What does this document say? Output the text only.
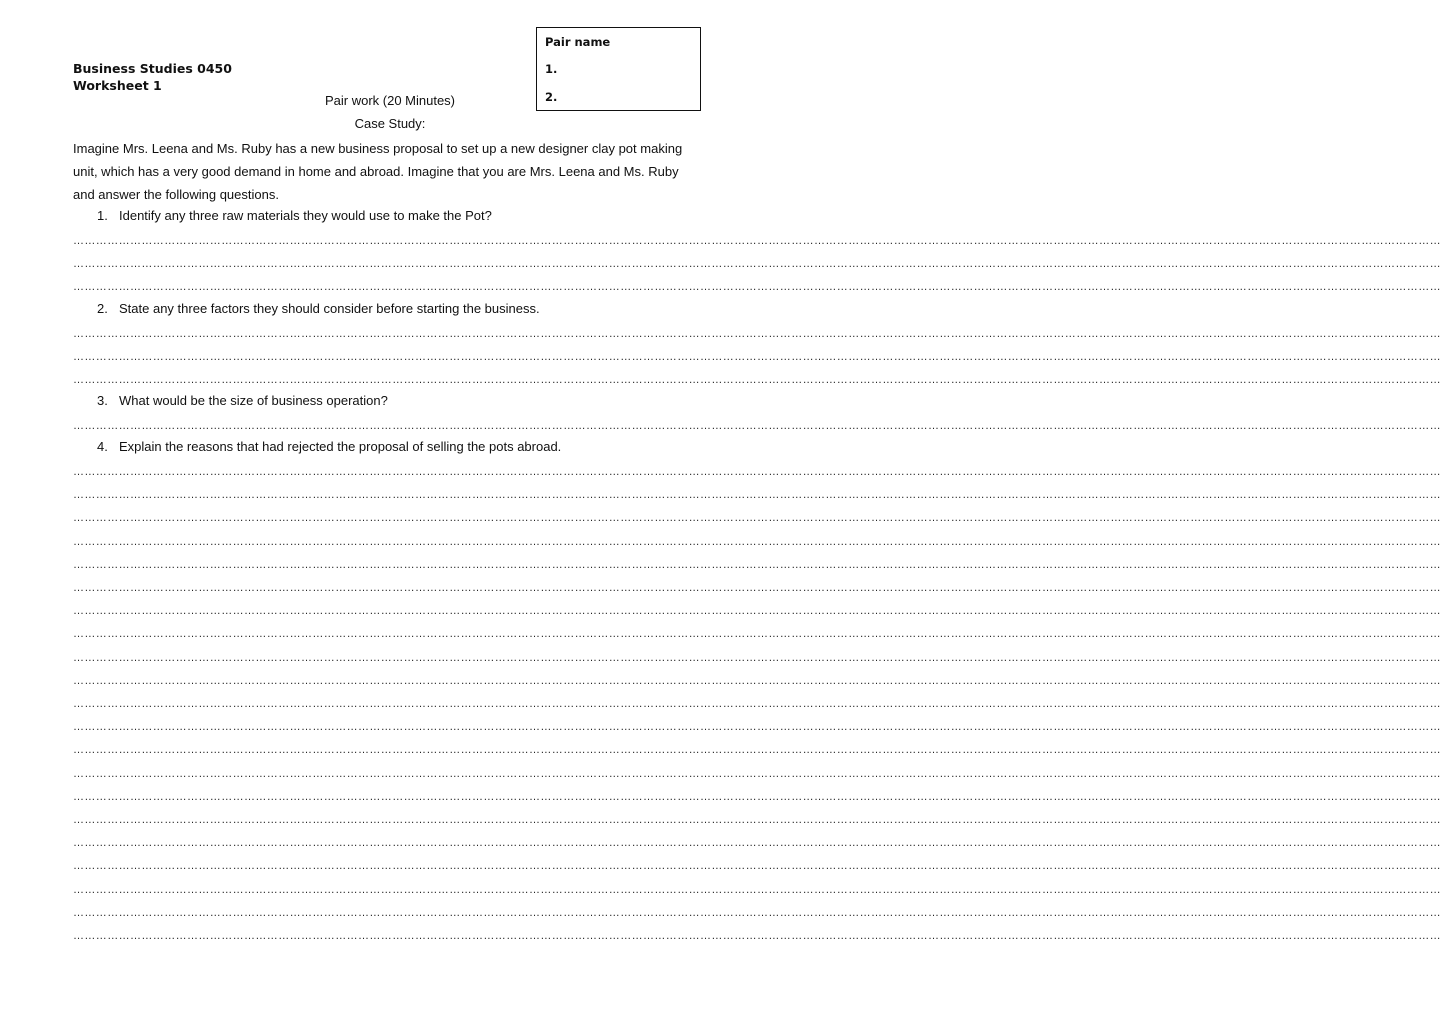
Pair name
1.
2.
Business Studies 0450
Worksheet 1
Pair work (20 Minutes)
Case Study:

Imagine Mrs. Leena and Ms. Ruby has a new business proposal to set up a new designer clay pot making unit, which has a very good demand in home and abroad. Imagine that you are Mrs. Leena and Ms. Ruby and answer the following questions.

1. Identify any three raw materials they would use to make the Pot?
………………………………………………………………………………………………………………………………………………………………………………………………………………………………………………………………………………………………………………………………
………………………………………………………………………………………………………………………………………………………………………………………………………………………………………………………………………………………………………………………………
………………………………………………………………………………………………………………………………………………………………………………………………………………………………………………………………………………………………………………………………
2. State any three factors they should consider before starting the business.
………………………………………………………………………………………………………………………………………………………………………………………………………………………………………………………………………………………………………………………………
………………………………………………………………………………………………………………………………………………………………………………………………………………………………………………………………………………………………………………………………
………………………………………………………………………………………………………………………………………………………………………………………………………………………………………………………………………………………………………………………………
3. What would be the size of business operation?
………………………………………………………………………………………………………………………………………………………………………………………………………………………………………………………………………………………………………………………………
4. Explain the reasons that had rejected the proposal of selling the pots abroad.
………………………………………………………………………………………………………………………………………………………………………………………………………………………………………………………………………………………………………………………………
………………………………………………………………………………………………………………………………………………………………………………………………………………………………………………………………………………………………………………………………
………………………………………………………………………………………………………………………………………………………………………………………………………………………………………………………………………………………………………………………………
………………………………………………………………………………………………………………………………………………………………………………………………………………………………………………………………………………………………………………………………
………………………………………………………………………………………………………………………………………………………………………………………………………………………………………………………………………………………………………………………………
………………………………………………………………………………………………………………………………………………………………………………………………………………………………………………………………………………………………………………………………
………………………………………………………………………………………………………………………………………………………………………………………………………………………………………………………………………………………………………………………………
………………………………………………………………………………………………………………………………………………………………………………………………………………………………………………………………………………………………………………………………
………………………………………………………………………………………………………………………………………………………………………………………………………………………………………………………………………………………………………………………………
………………………………………………………………………………………………………………………………………………………………………………………………………………………………………………………………………………………………………………………………
………………………………………………………………………………………………………………………………………………………………………………………………………………………………………………………………………………………………………………………………
………………………………………………………………………………………………………………………………………………………………………………………………………………………………………………………………………………………………………………………………
………………………………………………………………………………………………………………………………………………………………………………………………………………………………………………………………………………………………………………………………
………………………………………………………………………………………………………………………………………………………………………………………………………………………………………………………………………………………………………………………………
………………………………………………………………………………………………………………………………………………………………………………………………………………………………………………………………………………………………………………………………
………………………………………………………………………………………………………………………………………………………………………………………………………………………………………………………………………………………………………………………………
………………………………………………………………………………………………………………………………………………………………………………………………………………………………………………………………………………………………………………………………
………………………………………………………………………………………………………………………………………………………………………………………………………………………………………………………………………………………………………………………………
………………………………………………………………………………………………………………………………………………………………………………………………………………………………………………………………………………………………………………………………
………………………………………………………………………………………………………………………………………………………………………………………………………………………………………………………………………………………………………………………………
………………………………………………………………………………………………………………………………………………………………………………………………………………………………………………………………………………………………………………………………
